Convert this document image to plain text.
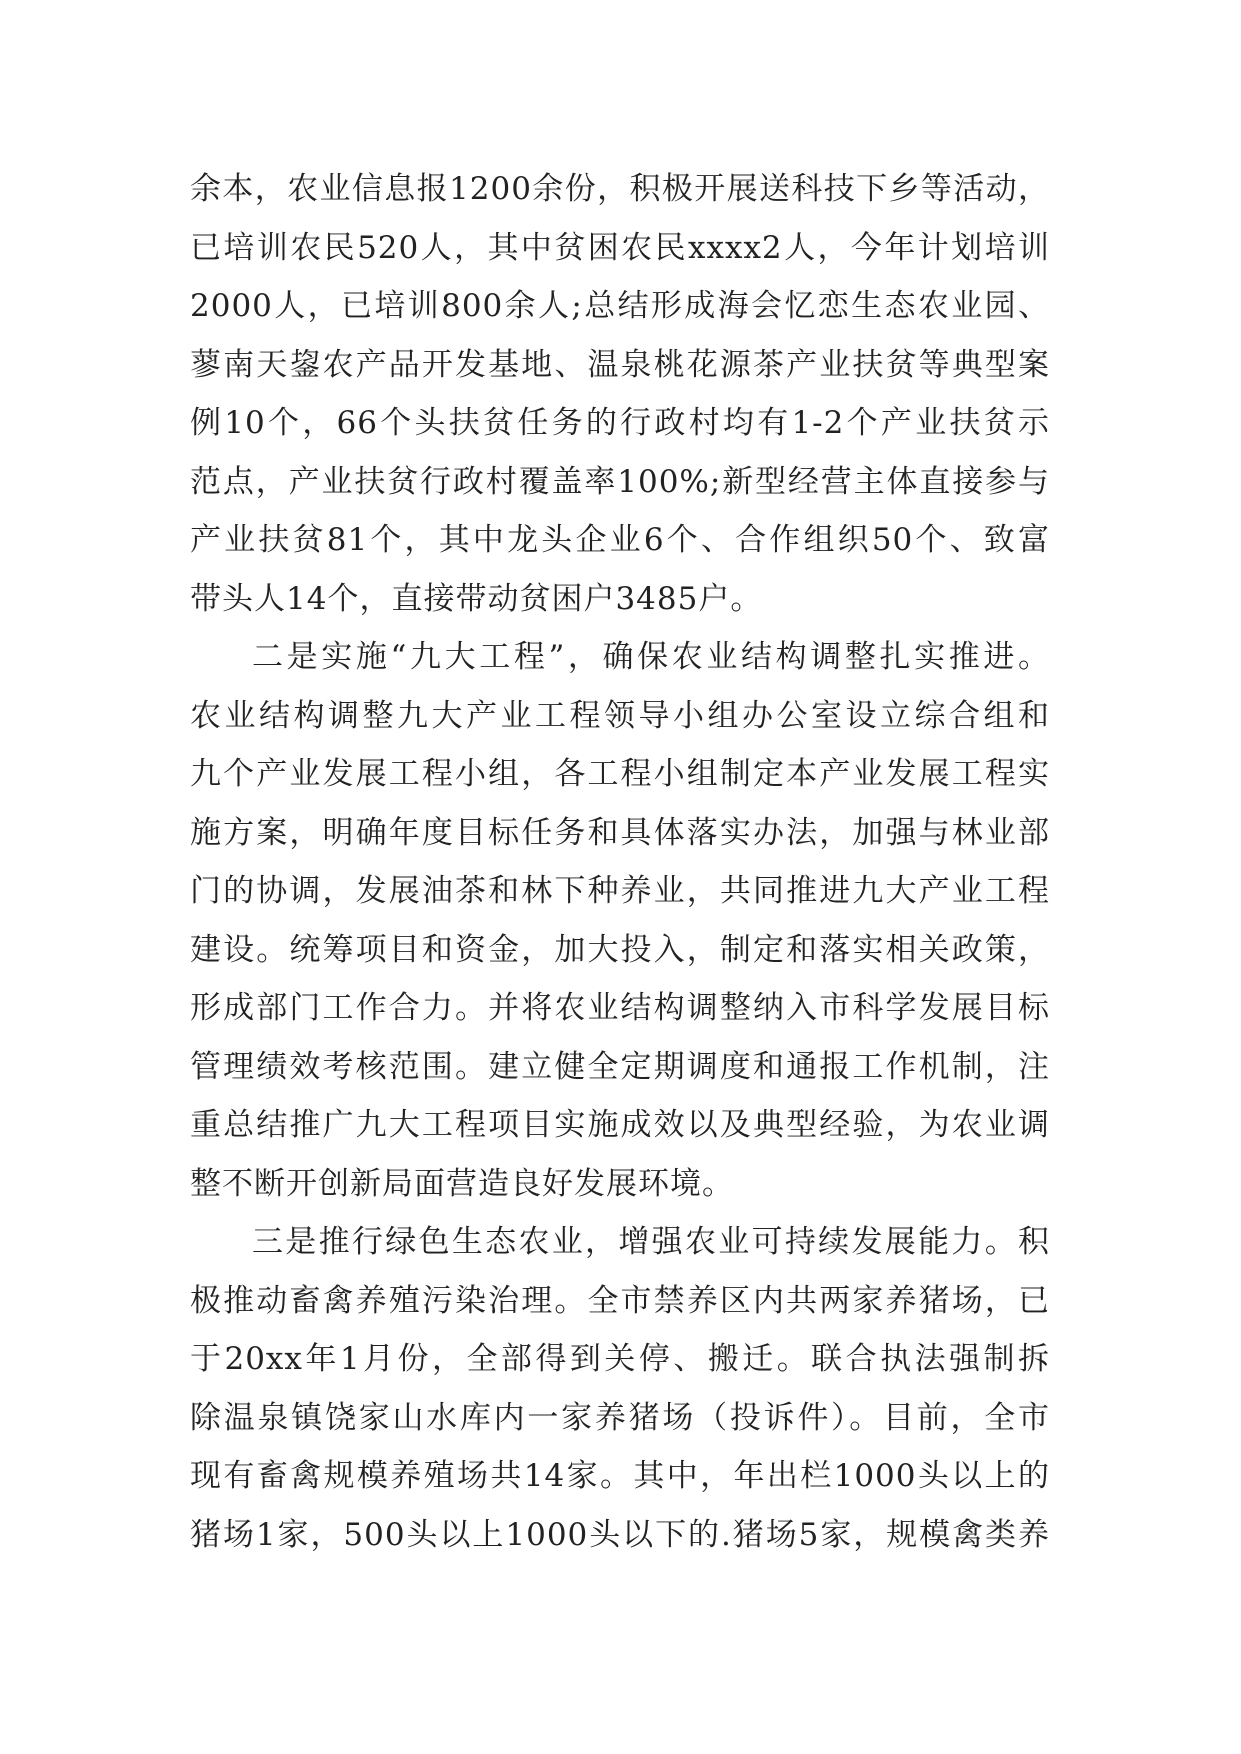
余本，农业信息报1200余份，积极开展送科技下乡等活动，
已培训农民520人，其中贫困农民xxxx2人，今年计划培训
2000人，已培训800余人;总结形成海会忆恋生态农业园、
蓼南天鋆农产品开发基地、温泉桃花源茶产业扶贫等典型案
例10个，66个头扶贫任务的行政村均有1-2个产业扶贫示
范点，产业扶贫行政村覆盖率100%;新型经营主体直接参与
产业扶贫81个，其中龙头企业6个、合作组织50个、致富
带头人14个，直接带动贫困户3485户。
二是实施“九大工程”，确保农业结构调整扎实推进。
农业结构调整九大产业工程领导小组办公室设立综合组和
九个产业发展工程小组，各工程小组制定本产业发展工程实
施方案，明确年度目标任务和具体落实办法，加强与林业部
门的协调，发展油茶和林下种养业，共同推进九大产业工程
建设。统筹项目和资金，加大投入，制定和落实相关政策，
形成部门工作合力。并将农业结构调整纳入市科学发展目标
管理绩效考核范围。建立健全定期调度和通报工作机制，注
重总结推广九大工程项目实施成效以及典型经验，为农业调
整不断开创新局面营造良好发展环境。
三是推行绿色生态农业，增强农业可持续发展能力。积
极推动畜禽养殖污染治理。全市禁养区内共两家养猪场，已
于20xx年1月份，全部得到关停、搬迁。联合执法强制拆
除温泉镇饶家山水库内一家养猪场（投诉件）。目前，全市
现有畜禽规模养殖场共14家。其中，年出栏1000头以上的
猪场1家，500头以上1000头以下的.猪场5家，规模禽类养
